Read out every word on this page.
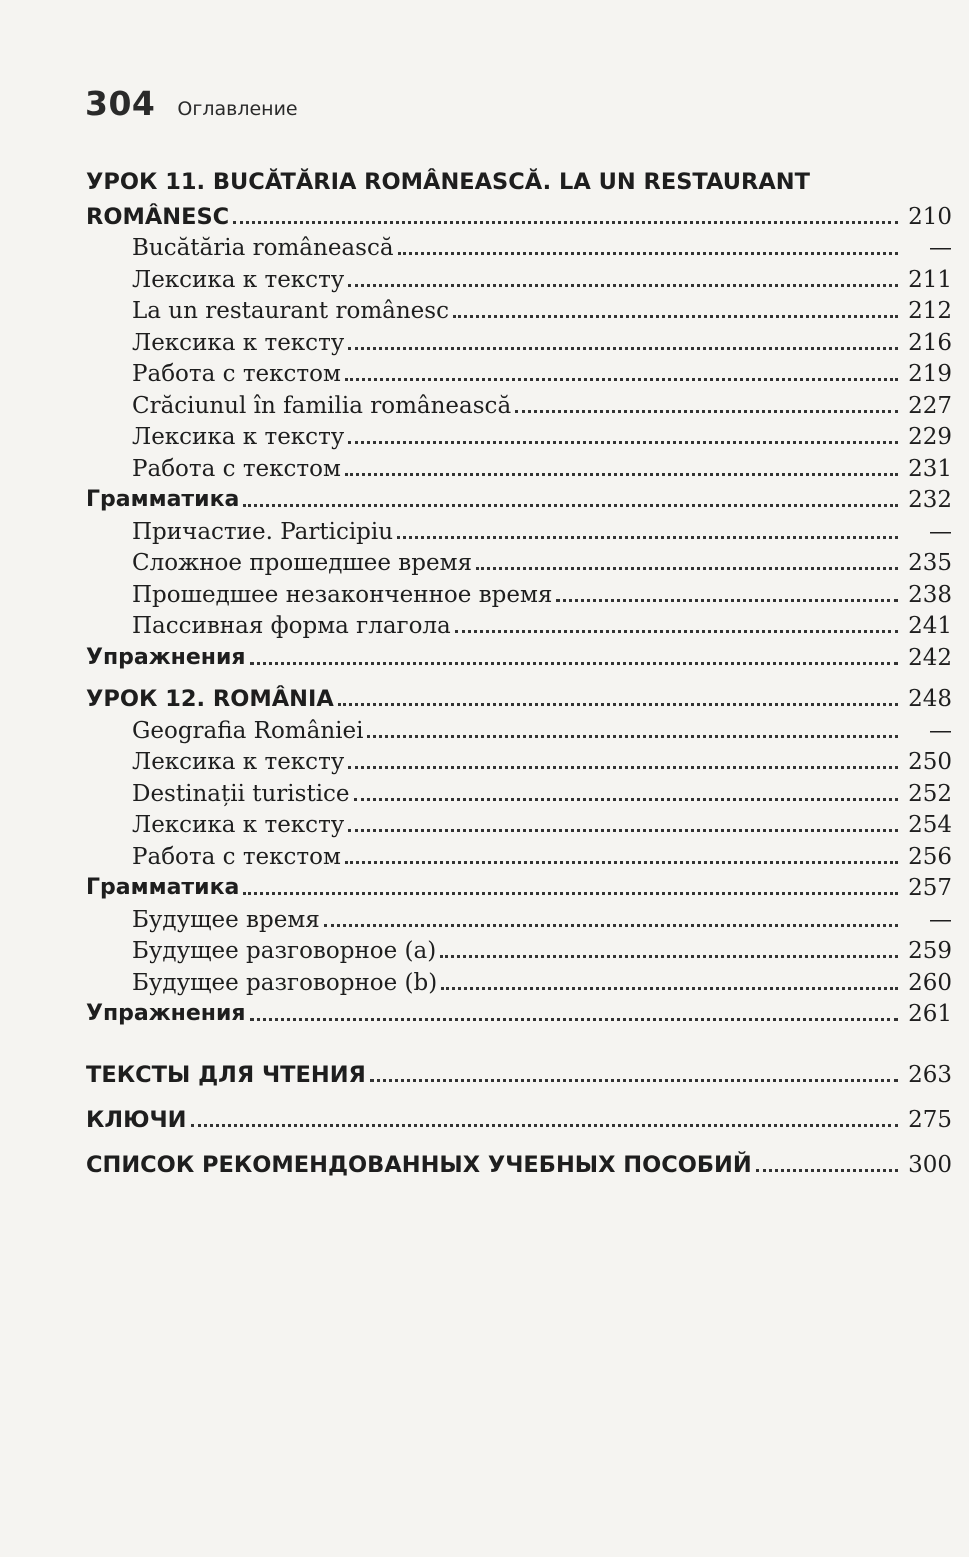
304 Оглавление
УРОК 11. BUCĂTĂRIA ROMÂNEASCĂ. LA UN RESTAURANT
ROMÂNESC	210
Bucătăria românească	—
Лексика к тексту	211
La un restaurant românesc	212
Лексика к тексту	216
Работа с текстом	219
Crăciunul în familia românească	227
Лексика к тексту	229
Работа с текстом	231
Грамматика	232
Причастие. Participiu	—
Сложное прошедшее время	235
Прошедшее незаконченное время	238
Пассивная форма глагола	241
Упражнения	242
УРОК 12. ROMÂNIA	248
Geografia României	—
Лексика к тексту	250
Destinații turistice	252
Лексика к тексту	254
Работа с текстом	256
Грамматика	257
Будущее время	—
Будущее разговорное (a)	259
Будущее разговорное (b)	260
Упражнения	261
ТЕКСТЫ ДЛЯ ЧТЕНИЯ	263
КЛЮЧИ	275
СПИСОК РЕКОМЕНДОВАННЫХ УЧЕБНЫХ ПОСОБИЙ	300
